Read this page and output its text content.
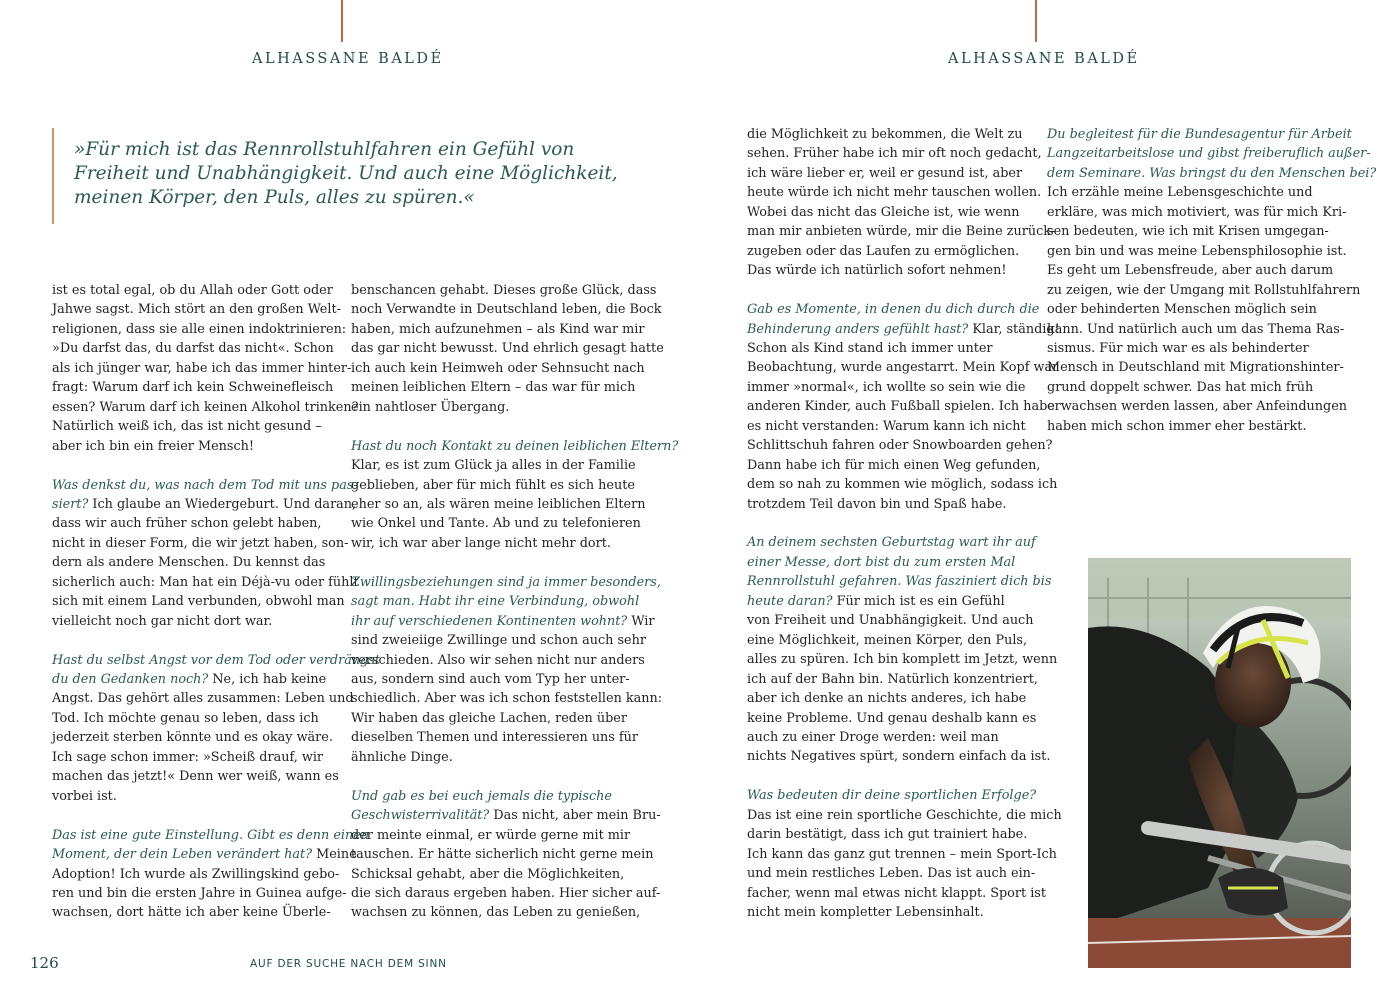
ALHASSANE BALDÉ

»Für mich ist das Rennrollstuhlfahren ein Gefühl von Freiheit und Unabhängigkeit. Und auch eine Möglichkeit, meinen Körper, den Puls, alles zu spüren.«

ist es total egal, ob du Allah oder Gott oder
Jahwe sagst. Mich stört an den großen Welt-
religionen, dass sie alle einen indoktrinieren:
»Du darfst das, du darfst das nicht«. Schon
als ich jünger war, habe ich das immer hinter-
fragt: Warum darf ich kein Schweinefleisch
essen? Warum darf ich keinen Alkohol trinken?
Natürlich weiß ich, das ist nicht gesund –
aber ich bin ein freier Mensch!

Was denkst du, was nach dem Tod mit uns pas-
siert? Ich glaube an Wiedergeburt. Und daran,
dass wir auch früher schon gelebt haben,
nicht in dieser Form, die wir jetzt haben, son-
dern als andere Menschen. Du kennst das
sicherlich auch: Man hat ein Déjà-vu oder fühlt
sich mit einem Land verbunden, obwohl man
vielleicht noch gar nicht dort war.

Hast du selbst Angst vor dem Tod oder verdrängst
du den Gedanken noch? Ne, ich hab keine
Angst. Das gehört alles zusammen: Leben und
Tod. Ich möchte genau so leben, dass ich
jederzeit sterben könnte und es okay wäre.
Ich sage schon immer: »Scheiß drauf, wir
machen das jetzt!« Denn wer weiß, wann es
vorbei ist.

Das ist eine gute Einstellung. Gibt es denn einen
Moment, der dein Leben verändert hat? Meine
Adoption! Ich wurde als Zwillingskind gebo-
ren und bin die ersten Jahre in Guinea aufge-
wachsen, dort hätte ich aber keine Überle-

benschancen gehabt. Dieses große Glück, dass
noch Verwandte in Deutschland leben, die Bock
haben, mich aufzunehmen – als Kind war mir
das gar nicht bewusst. Und ehrlich gesagt hatte
ich auch kein Heimweh oder Sehnsucht nach
meinen leiblichen Eltern – das war für mich
ein nahtloser Übergang.

Hast du noch Kontakt zu deinen leiblichen Eltern?
Klar, es ist zum Glück ja alles in der Familie
geblieben, aber für mich fühlt es sich heute
eher so an, als wären meine leiblichen Eltern
wie Onkel und Tante. Ab und zu telefonieren
wir, ich war aber lange nicht mehr dort.

Zwillingsbeziehungen sind ja immer besonders,
sagt man. Habt ihr eine Verbindung, obwohl
ihr auf verschiedenen Kontinenten wohnt? Wir
sind zweieiige Zwillinge und schon auch sehr
verschieden. Also wir sehen nicht nur anders
aus, sondern sind auch vom Typ her unter-
schiedlich. Aber was ich schon feststellen kann:
Wir haben das gleiche Lachen, reden über
dieselben Themen und interessieren uns für
ähnliche Dinge.

Und gab es bei euch jemals die typische
Geschwisterrivalität? Das nicht, aber mein Bru-
der meinte einmal, er würde gerne mit mir
tauschen. Er hätte sicherlich nicht gerne mein
Schicksal gehabt, aber die Möglichkeiten,
die sich daraus ergeben haben. Hier sicher auf-
wachsen zu können, das Leben zu genießen,

126	AUF DER SUCHE NACH DEM SINN
ALHASSANE BALDÉ

die Möglichkeit zu bekommen, die Welt zu
sehen. Früher habe ich mir oft noch gedacht,
ich wäre lieber er, weil er gesund ist, aber
heute würde ich nicht mehr tauschen wollen.
Wobei das nicht das Gleiche ist, wie wenn
man mir anbieten würde, mir die Beine zurück-
zugeben oder das Laufen zu ermöglichen.
Das würde ich natürlich sofort nehmen!

Gab es Momente, in denen du dich durch die
Behinderung anders gefühlt hast? Klar, ständig!
Schon als Kind stand ich immer unter
Beobachtung, wurde angestarrt. Mein Kopf war
immer »normal«, ich wollte so sein wie die
anderen Kinder, auch Fußball spielen. Ich habe
es nicht verstanden: Warum kann ich nicht
Schlittschuh fahren oder Snowboarden gehen?
Dann habe ich für mich einen Weg gefunden,
dem so nah zu kommen wie möglich, sodass ich
trotzdem Teil davon bin und Spaß habe.

An deinem sechsten Geburtstag wart ihr auf
einer Messe, dort bist du zum ersten Mal
Rennrollstuhl gefahren. Was fasziniert dich bis
heute daran? Für mich ist es ein Gefühl
von Freiheit und Unabhängigkeit. Und auch
eine Möglichkeit, meinen Körper, den Puls,
alles zu spüren. Ich bin komplett im Jetzt, wenn
ich auf der Bahn bin. Natürlich konzentriert,
aber ich denke an nichts anderes, ich habe
keine Probleme. Und genau deshalb kann es
auch zu einer Droge werden: weil man
nichts Negatives spürt, sondern einfach da ist.

Was bedeuten dir deine sportlichen Erfolge?
Das ist eine rein sportliche Geschichte, die mich
darin bestätigt, dass ich gut trainiert habe.
Ich kann das ganz gut trennen – mein Sport-Ich
und mein restliches Leben. Das ist auch ein-
facher, wenn mal etwas nicht klappt. Sport ist
nicht mein kompletter Lebensinhalt.

Du begleitest für die Bundesagentur für Arbeit
Langzeitarbeitslose und gibst freiberuflich außer-
dem Seminare. Was bringst du den Menschen bei?
Ich erzähle meine Lebensgeschichte und
erkläre, was mich motiviert, was für mich Kri-
sen bedeuten, wie ich mit Krisen umgegan-
gen bin und was meine Lebensphilosophie ist.
Es geht um Lebensfreude, aber auch darum
zu zeigen, wie der Umgang mit Rollstuhlfahrern
oder behinderten Menschen möglich sein
kann. Und natürlich auch um das Thema Ras-
sismus. Für mich war es als behinderter
Mensch in Deutschland mit Migrationshinter-
grund doppelt schwer. Das hat mich früh
erwachsen werden lassen, aber Anfeindungen
haben mich schon immer eher bestärkt.
